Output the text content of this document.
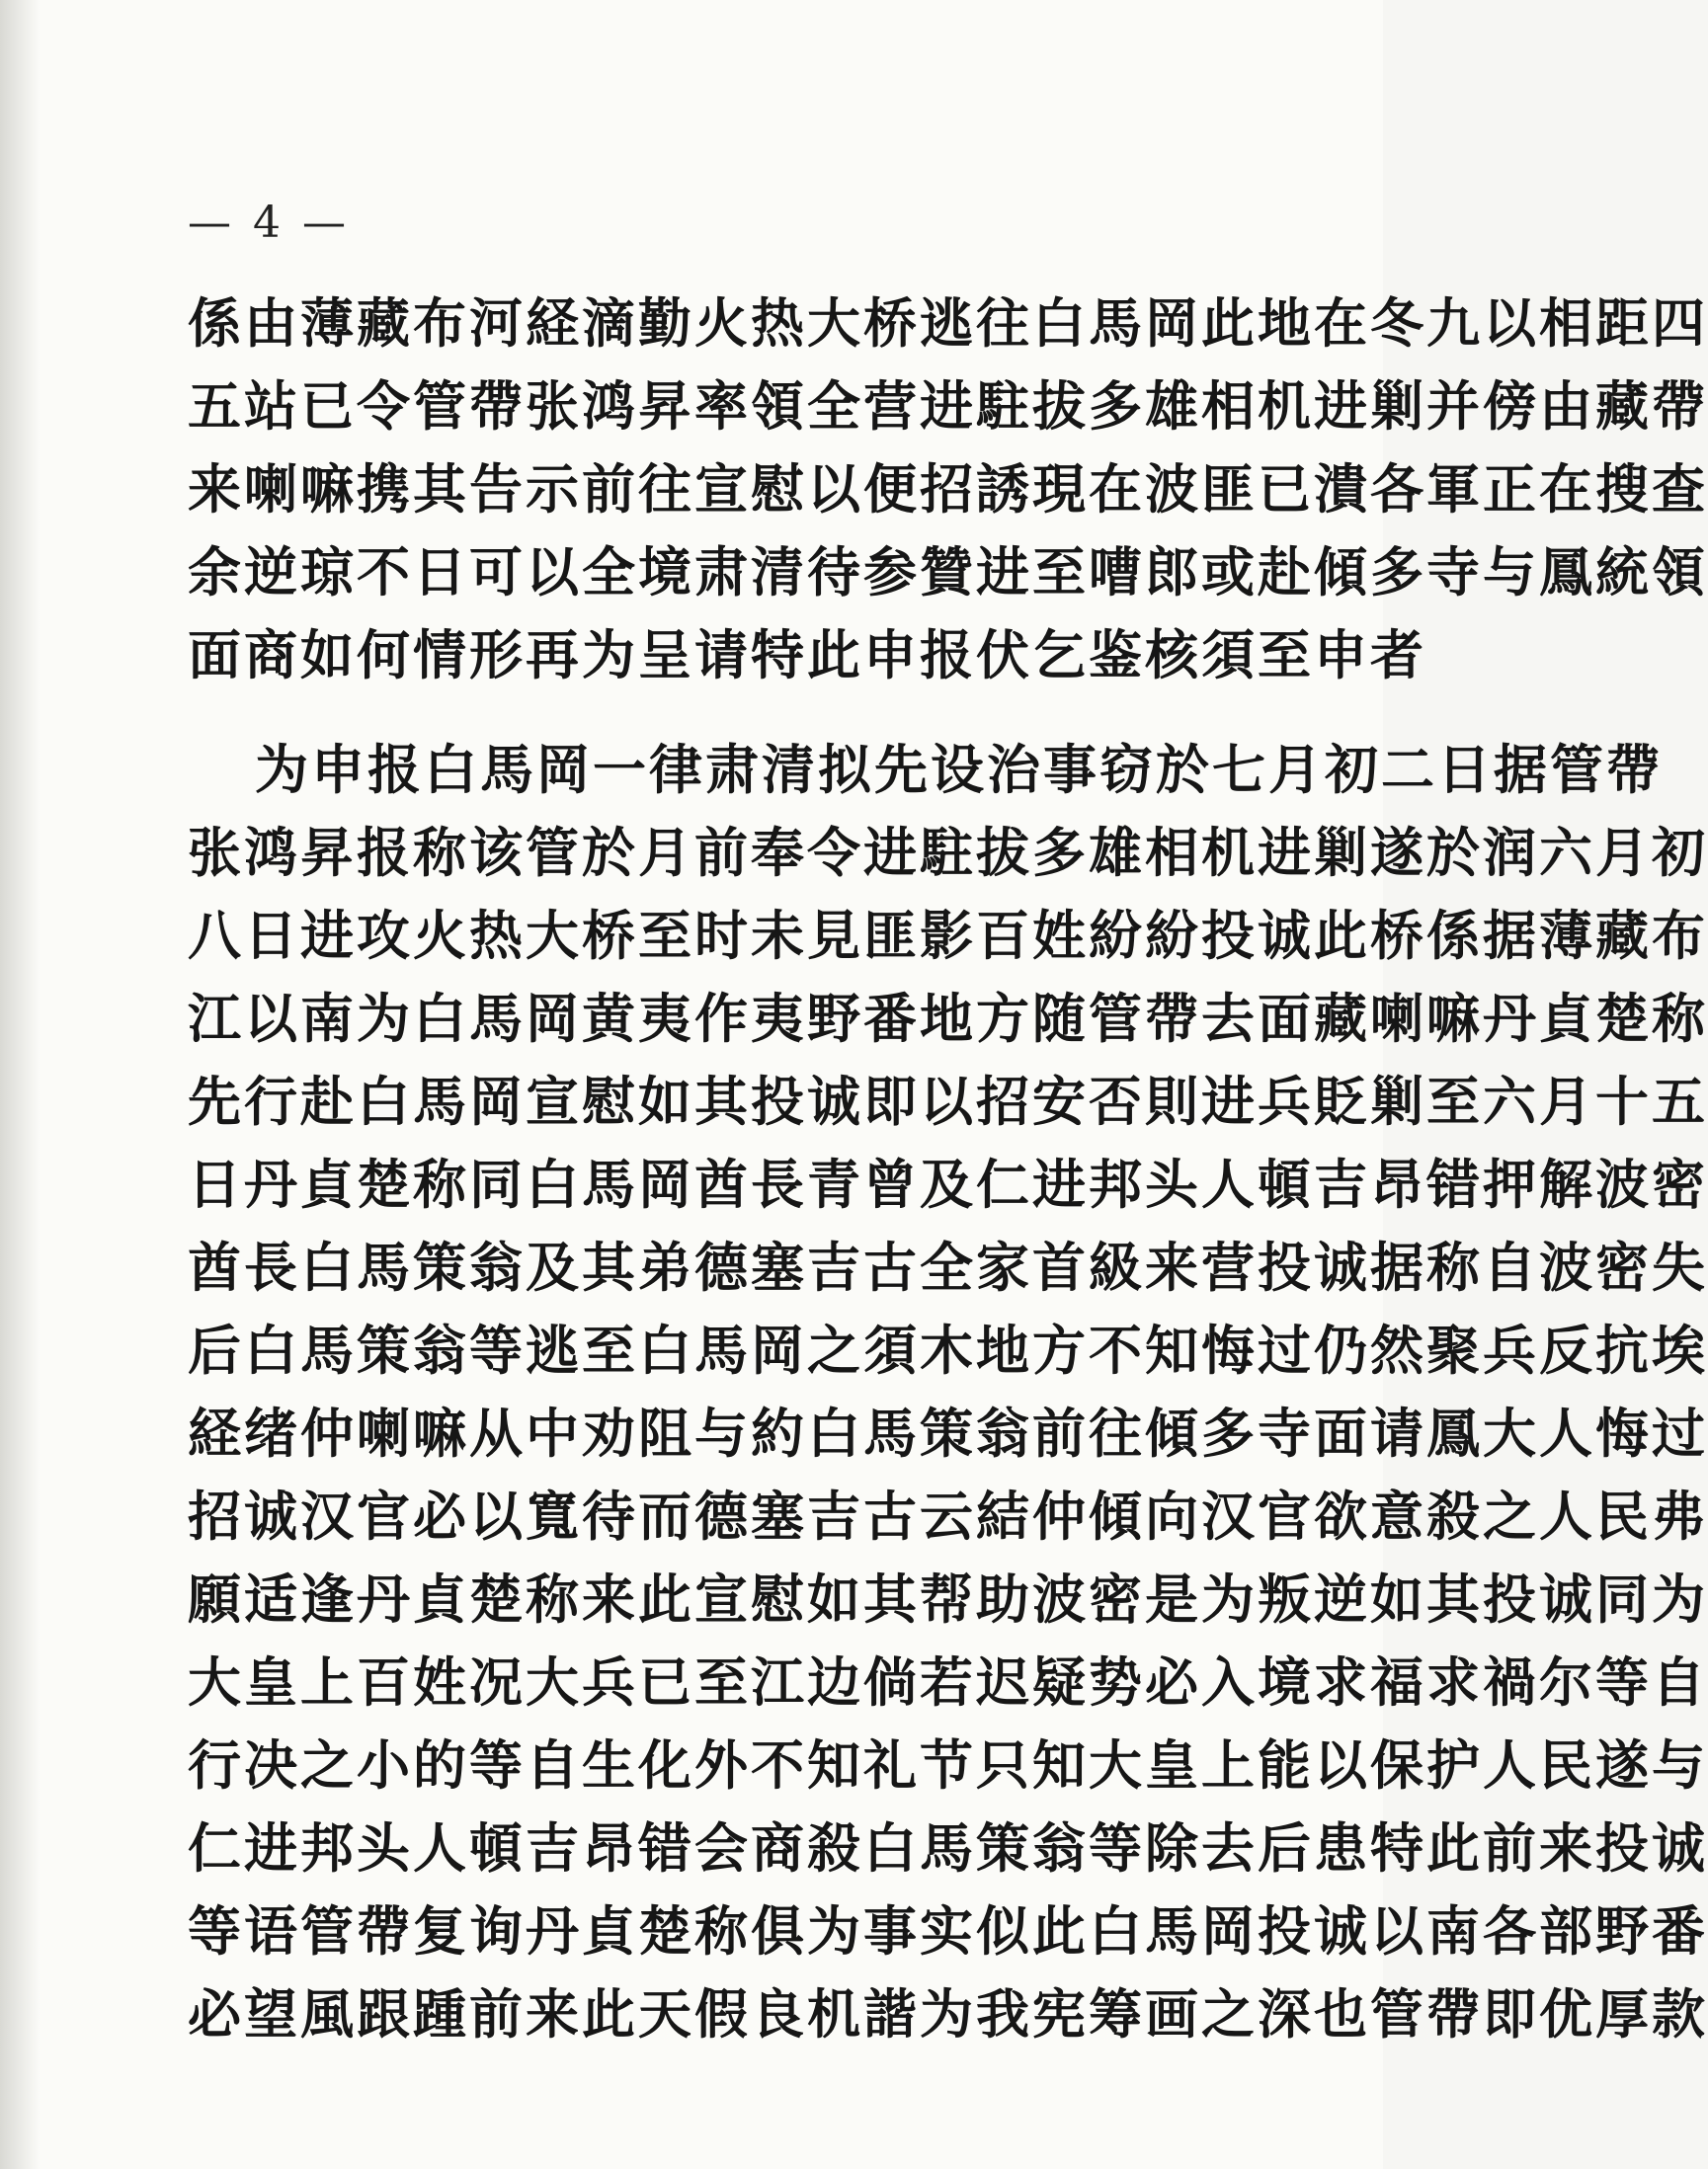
— 4 —
係由薄藏布河経滴勤火热大桥逃往白馬岡此地在冬九以相距四
五站已令管帶张鸿昇率領全营进駐拔多雄相机进剿并傍由藏帶
来喇嘛携其告示前往宣慰以便招誘現在波匪已潰各軍正在搜查
余逆琼不日可以全境肃清待参贊进至嘈郎或赴傾多寺与鳳統領
面商如何情形再为呈请特此申报伏乞鉴核須至申者
为申报白馬岡一律肃清拟先设治事窃於七月初二日据管帶
张鸿昇报称该管於月前奉令进駐拔多雄相机进剿遂於润六月初
八日进攻火热大桥至时未見匪影百姓紛紛投诚此桥係据薄藏布
江以南为白馬岡黄夷作夷野番地方随管帶去面藏喇嘛丹貞楚称
先行赴白馬岡宣慰如其投诚即以招安否則进兵貶剿至六月十五
日丹貞楚称同白馬岡酋長青曾及仁进邦头人頓吉昂错押解波密
酋長白馬策翁及其弟德塞吉古全家首級来营投诚据称自波密失
后白馬策翁等逃至白馬岡之須木地方不知悔过仍然聚兵反抗埃
経绪仲喇嘛从中劝阻与約白馬策翁前往傾多寺面请鳳大人悔过
招诚汉官必以寬待而德塞吉古云結仲傾向汉官欲意殺之人民弗
願适逢丹貞楚称来此宣慰如其帮助波密是为叛逆如其投诚同为
大皇上百姓况大兵已至江边倘若迟疑势必入境求福求禍尔等自
行决之小的等自生化外不知礼节只知大皇上能以保护人民遂与
仁进邦头人頓吉昂错会商殺白馬策翁等除去后患特此前来投诚
等语管帶复询丹貞楚称俱为事实似此白馬岡投诚以南各部野番
必望風跟踵前来此天假良机諧为我宪筹画之深也管帶即优厚款
